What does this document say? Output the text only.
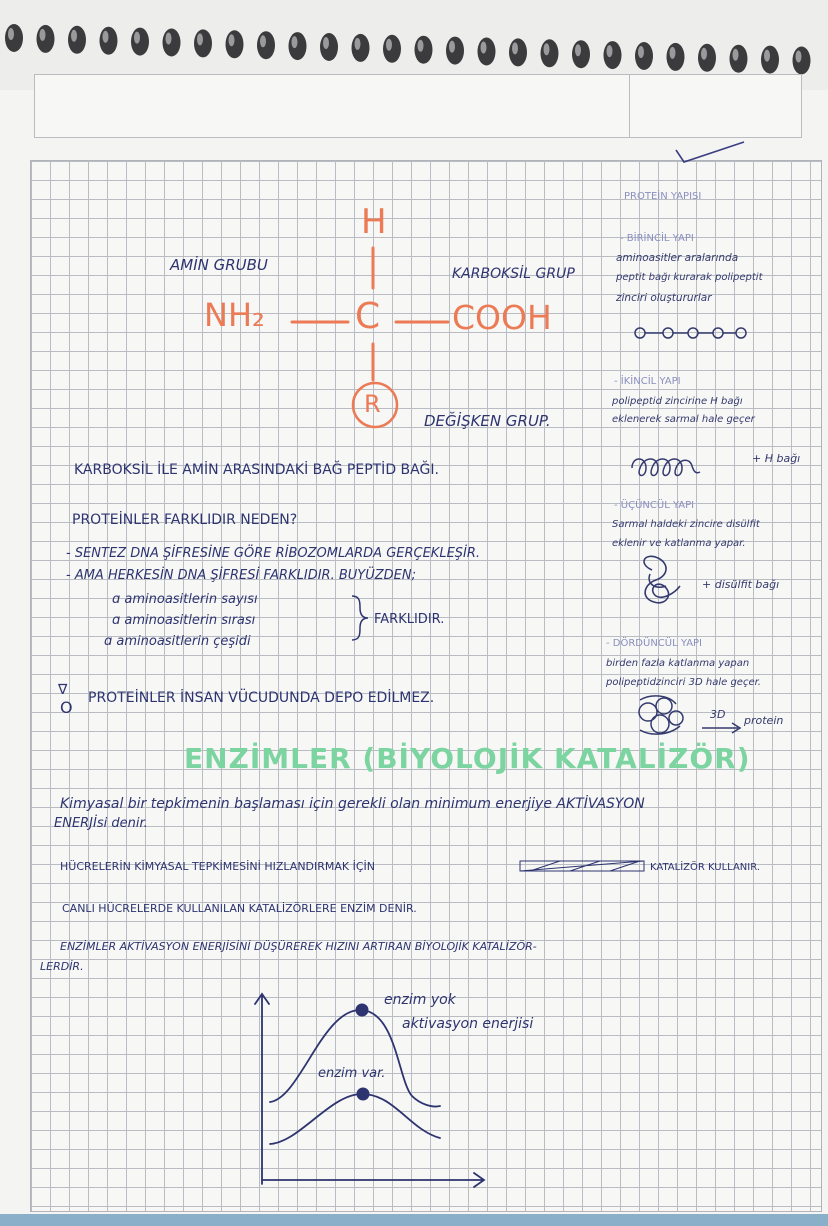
H
NH₂	C COOH
R
AMİN GRUBU	KARBOKSİL GRUP
DEĞİŞKEN GRUP.
PROTEİN YAPISI
- BİRİNCİL YAPI
aminoasitler aralarında
peptit bağı kurarak polipeptit
zinciri oluştururlar
- İKİNCİL YAPI
polipeptid zincirine H bağı
eklenerek sarmal hale geçer
+ H bağı
- ÜÇÜNCÜL YAPI
Sarmal haldeki zincire disülfit
eklenir ve katlanma yapar.
+ disülfit bağı
- DÖRDÜNCÜL YAPI
birden fazla katlanma yapan
polipeptidzinciri 3D hale geçer.
3D protein
KARBOKSİL İLE AMİN ARASINDAKİ BAĞ PEPTİD BAĞI.
PROTEİNLER FARKLIDIR NEDEN?
- SENTEZ DNA ŞİFRESİNE GÖRE RİBOZOMLARDA GERÇEKLEŞİR.
- AMA HERKESİN DNA ŞİFRESİ FARKLIDIR. BUYÜZDEN;
ɑ aminoasitlerin sayısı
ɑ aminoasitlerin sırası
ɑ aminoasitlerin çeşidi
FARKLIDIR.
∇
O PROTEİNLER İNSAN VÜCUDUNDA DEPO EDİLMEZ.
ENZİMLER (BİYOLOJİK KATALİZÖR)
Kimyasal bir tepkimenin başlaması için gerekli olan minimum enerjiye AKTİVASYON
ENERJİsi denir.
HÜCRELERİN KİMYASAL TEPKİMESİNİ HIZLANDIRMAK İÇİN	KATALİZÖR KULLANIR.
CANLI HÜCRELERDE KULLANILAN KATALİZÖRLERE ENZİM DENİR.
ENZİMLER AKTİVASYON ENERJİSİNİ DÜŞÜREREK HIZINI ARTIRAN BİYOLOJİK KATALİZÖR-
LERDİR.
enzim yok
aktivasyon enerjisi
enzim var.
